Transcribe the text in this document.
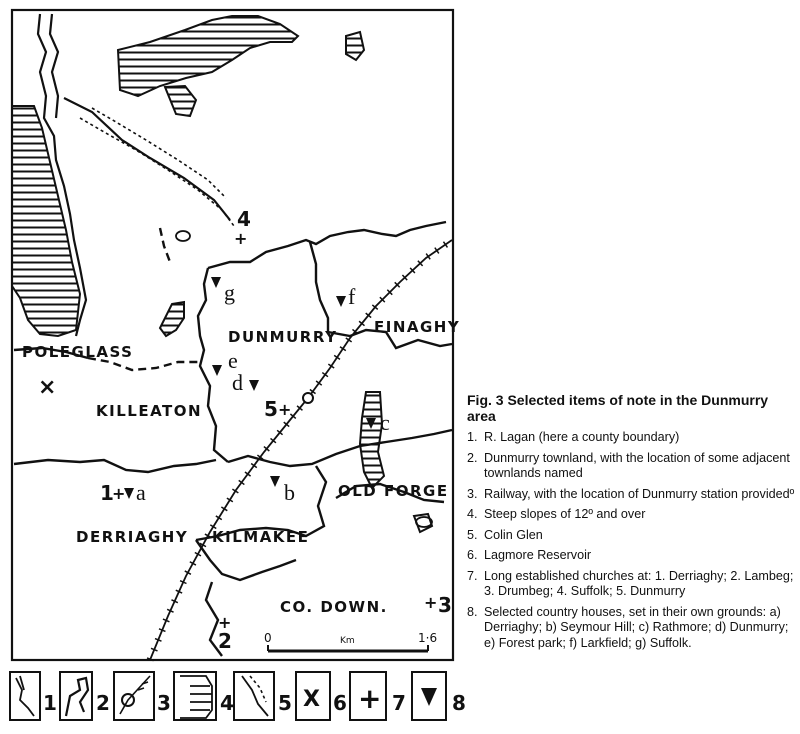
×
POLEGLASS
DUNMURRY
FINAGHY
KILLEATON
OLD FORGE
DERRIAGHY KILMAKEE
CO. DOWN.
4
+
5 +
1
+
+ 3
+
2
g	f
e
d
c
b
a
0	Km	1·6
1 2 3 4 5 X 6 + 7 8
Fig. 3 Selected items of note in the Dunmurry area
1. R. Lagan (here a county boundary)
2. Dunmurry townland, with the location of some adjacent townlands named
3. Railway, with the location of Dunmurry station providedº
4. Steep slopes of 12º and over
5. Colin Glen
6. Lagmore Reservoir
7. Long established churches at: 1. Derriaghy; 2. Lambeg; 3. Drumbeg; 4. Suffolk; 5. Dunmurry
8. Selected country houses, set in their own grounds: a) Derriaghy; b) Seymour Hill; c) Rathmore; d) Dunmurry; e) Forest park; f) Larkfield; g) Suffolk.
